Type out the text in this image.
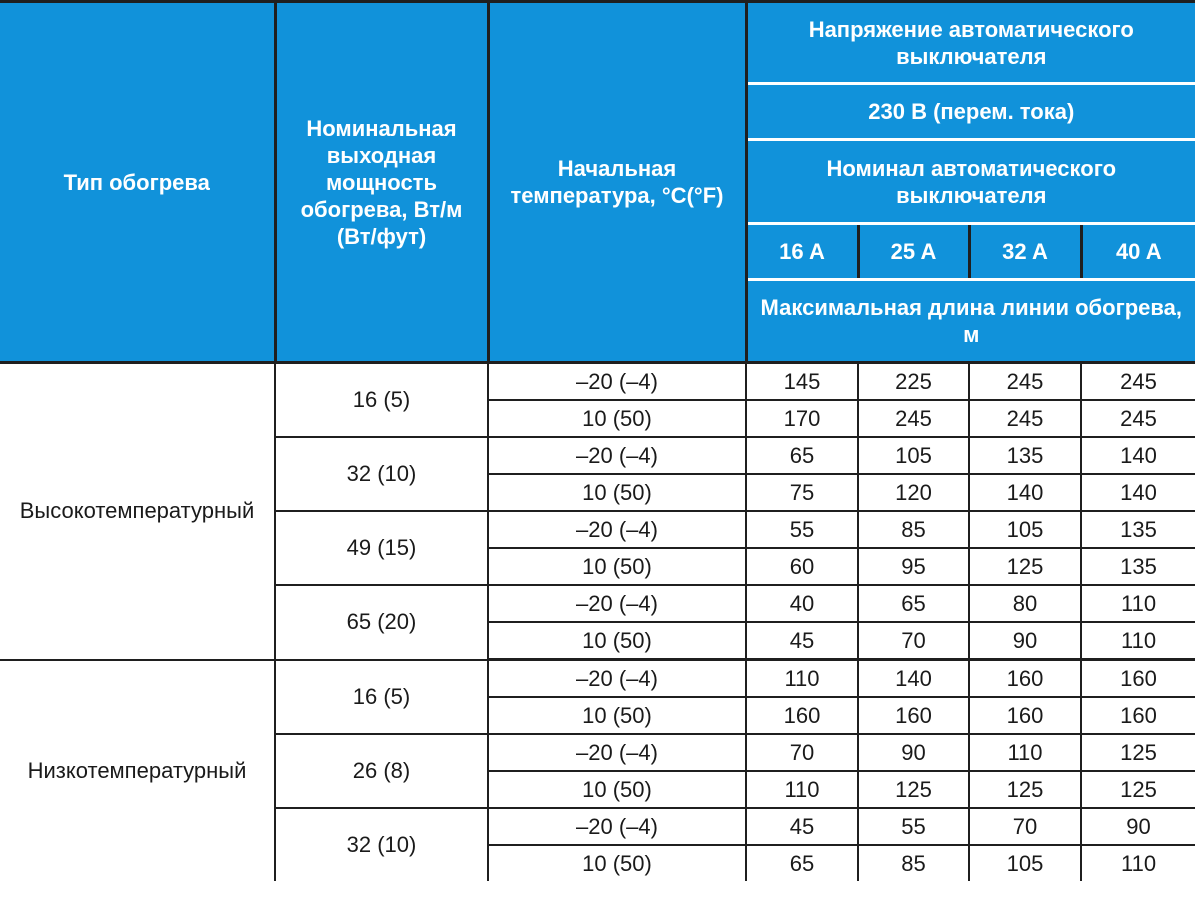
Тип обогрева	Номинальная выходная мощность обогрева, Вт/м (Вт/фут)	Начальная температура, °C(°F)	Напряжение автоматического выключателя			
			230 В (перем. тока)			
			Номинал автоматического выключателя			
			16 A	25 A	32 A	40 A
			Максимальная длина линии обогрева, м			
Высокотемпературный	16 (5)	–20 (–4)	145	225	245	245
		10 (50)	170	245	245	245
	32 (10)	–20 (–4)	65	105	135	140
		10 (50)	75	120	140	140
	49 (15)	–20 (–4)	55	85	105	135
		10 (50)	60	95	125	135
	65 (20)	–20 (–4)	40	65	80	110
		10 (50)	45	70	90	110
Низкотемпературный	16 (5)	–20 (–4)	110	140	160	160
		10 (50)	160	160	160	160
	26 (8)	–20 (–4)	70	90	110	125
		10 (50)	110	125	125	125
	32 (10)	–20 (–4)	45	55	70	90
		10 (50)	65	85	105	110
